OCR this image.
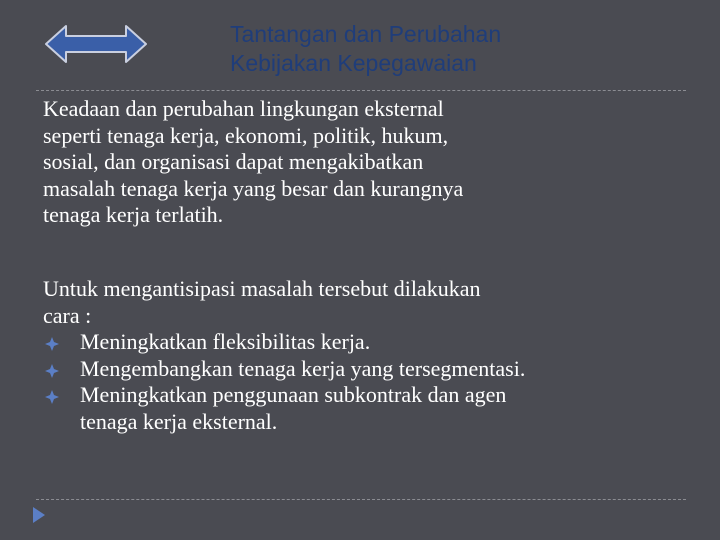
Tantangan dan Perubahan
Kebijakan Kepegawaian
Keadaan dan perubahan lingkungan eksternal
seperti tenaga kerja, ekonomi, politik, hukum,
sosial, dan organisasi dapat mengakibatkan
masalah tenaga kerja yang besar dan kurangnya
tenaga kerja terlatih.
Untuk mengantisipasi masalah tersebut dilakukan
cara :
Meningkatkan fleksibilitas kerja.
Mengembangkan tenaga kerja yang tersegmentasi.
Meningkatkan penggunaan subkontrak dan agen
tenaga kerja eksternal.
